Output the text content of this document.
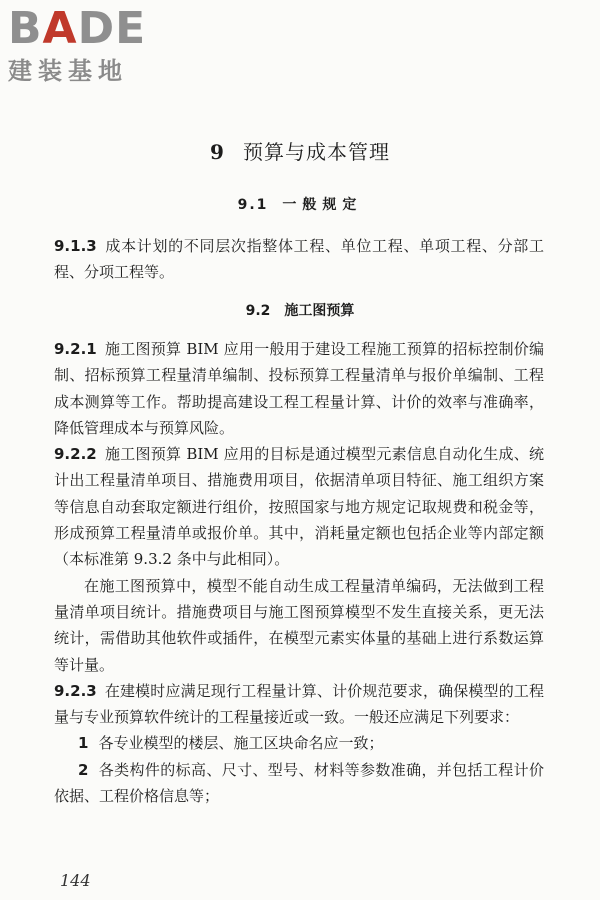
BADE
建装基地
9 预算与成本管理
9.1 一般规定

9.1.3 成本计划的不同层次指整体工程、单位工程、单项工程、分部工程、分项工程等。

9.2 施工图预算

9.2.1 施工图预算 BIM 应用一般用于建设工程施工预算的招标控制价编制、招标预算工程量清单编制、投标预算工程量清单与报价单编制、工程成本测算等工作。帮助提高建设工程工程量计算、计价的效率与准确率，降低管理成本与预算风险。

9.2.2 施工图预算 BIM 应用的目标是通过模型元素信息自动化生成、统计出工程量清单项目、措施费用项目，依据清单项目特征、施工组织方案等信息自动套取定额进行组价，按照国家与地方规定记取规费和税金等，形成预算工程量清单或报价单。其中，消耗量定额也包括企业等内部定额（本标准第 9.3.2 条中与此相同）。

在施工图预算中，模型不能自动生成工程量清单编码，无法做到工程量清单项目统计。措施费项目与施工图预算模型不发生直接关系，更无法统计，需借助其他软件或插件，在模型元素实体量的基础上进行系数运算等计量。

9.2.3 在建模时应满足现行工程量计算、计价规范要求，确保模型的工程量与专业预算软件统计的工程量接近或一致。一般还应满足下列要求：

1 各专业模型的楼层、施工区块命名应一致；

2 各类构件的标高、尺寸、型号、材料等参数准确，并包括工程计价依据、工程价格信息等；

144
